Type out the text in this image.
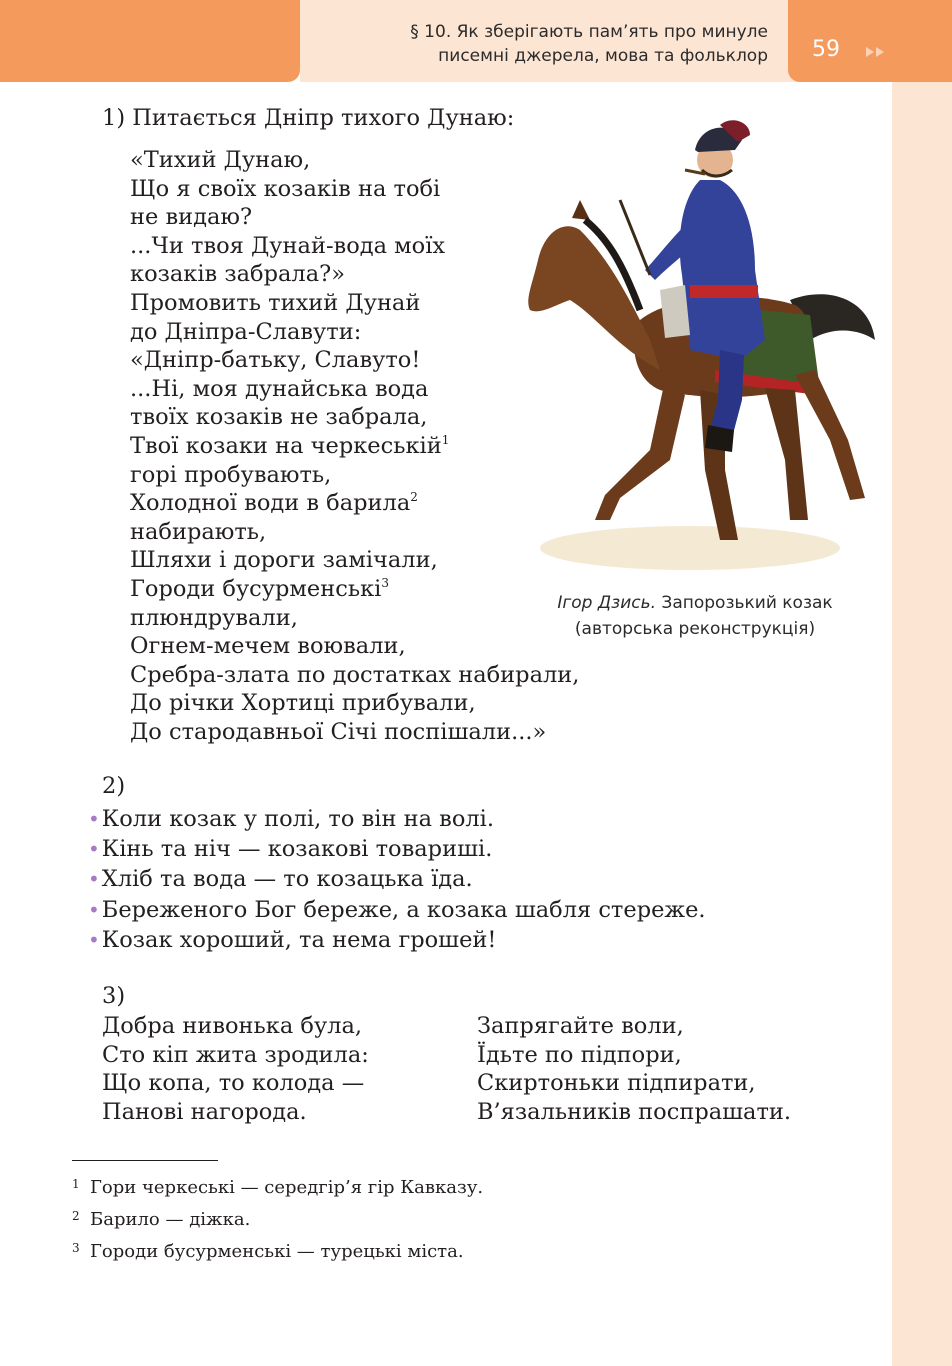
§ 10. Як зберігають пам’ять про минуле
писемні джерела, мова та фольклор 59
1) Питається Дніпр тихого Дунаю:
«Тихий Дунаю,
Що я своїх козаків на тобі
не видаю?
...Чи твоя Дунай-вода моїх
козаків забрала?»
Промовить тихий Дунай
до Дніпра-Славути:
«Дніпр-батьку, Славуто!
...Ні, моя дунайська вода
твоїх козаків не забрала,
Твої козаки на черкеській$^1$
горі пробувають,
Холодної води в барила$^2$
набирають,
Шляхи і дороги замічали,
Городи бусурменські$^3$
плюндрували,
Огнем-мечем воювали,
Сребра-злата по достатках набирали,
До річки Хортиці прибували,
До стародавньої Січі поспішали...»
Ігор Дзись. Запорозький козак
(авторська реконструкція)
2)
•Коли козак у полі, то він на волі.
•Кінь та ніч — козакові товариші.
•Хліб та вода — то козацька їда.
•Береженого Бог береже, а козака шабля стереже.
•Козак хороший, та нема грошей!
3)
Добра нивонька була,
Сто кіп жита зродила:
Що копа, то колода —
Панові нагорода.
Запрягайте воли,
Їдьте по підпори,
Скиртоньки підпирати,
В’язальників поспрашати.
1 Гори черкеські — середгір’я гір Кавказу.
2 Барило — діжка.
3 Городи бусурменські — турецькі міста.
